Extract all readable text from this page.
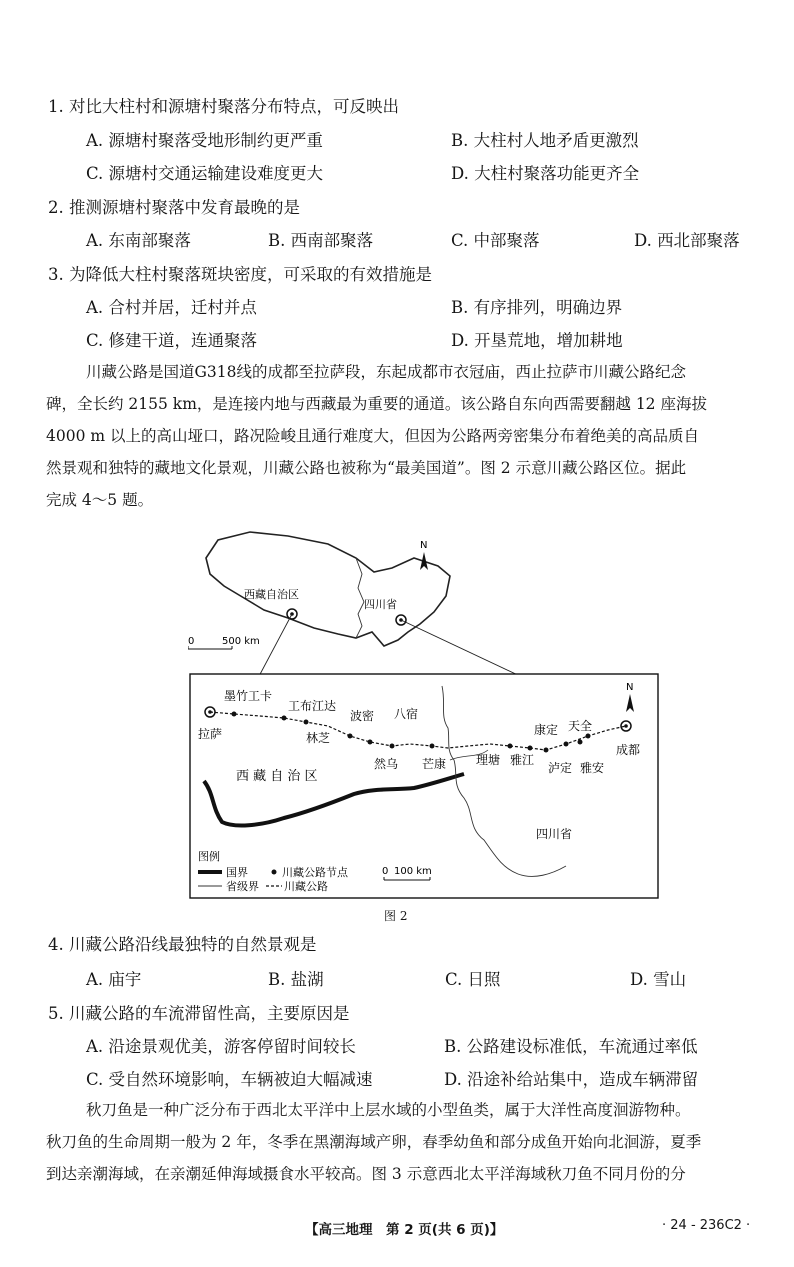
1. 对比大柱村和源塘村聚落分布特点，可反映出
A. 源塘村聚落受地形制约更严重	B. 大柱村人地矛盾更激烈
C. 源塘村交通运输建设难度更大	D. 大柱村聚落功能更齐全
2. 推测源塘村聚落中发育最晚的是
A. 东南部聚落	B. 西南部聚落	C. 中部聚落	D. 西北部聚落
3. 为降低大柱村聚落斑块密度，可采取的有效措施是
A. 合村并居，迁村并点	B. 有序排列，明确边界
C. 修建干道，连通聚落	D. 开垦荒地，增加耕地
川藏公路是国道G318线的成都至拉萨段，东起成都市衣冠庙，西止拉萨市川藏公路纪念
碑，全长约 2155 km，是连接内地与西藏最为重要的通道。该公路自东向西需要翻越 12 座海拔
4000 m 以上的高山垭口，路况险峻且通行难度大，但因为公路两旁密集分布着绝美的高品质自
然景观和独特的藏地文化景观，川藏公路也被称为“最美国道”。图 2 示意川藏公路区位。据此
完成 4～5 题。
西藏自治区
四川省
N
0	500 km
拉萨
墨竹工卡
工布江达
林芝
波密 八宿
然乌 芒康 理塘 雅江
康定
泸定
天全
雅安
成都
西 藏 自 治 区
四川省
N
图例
国界	川藏公路节点
省级界 川藏公路
0 100 km
图 2
4. 川藏公路沿线最独特的自然景观是
A. 庙宇	B. 盐湖	C. 日照	D. 雪山
5. 川藏公路的车流滞留性高，主要原因是
A. 沿途景观优美，游客停留时间较长	B. 公路建设标准低，车流通过率低
C. 受自然环境影响，车辆被迫大幅减速	D. 沿途补给站集中，造成车辆滞留
秋刀鱼是一种广泛分布于西北太平洋中上层水域的小型鱼类，属于大洋性高度洄游物种。
秋刀鱼的生命周期一般为 2 年，冬季在黑潮海域产卵，春季幼鱼和部分成鱼开始向北洄游，夏季
到达亲潮海域，在亲潮延伸海域摄食水平较高。图 3 示意西北太平洋海域秋刀鱼不同月份的分
【高三地理　第 2 页(共 6 页)】	· 24 - 236C2 ·
